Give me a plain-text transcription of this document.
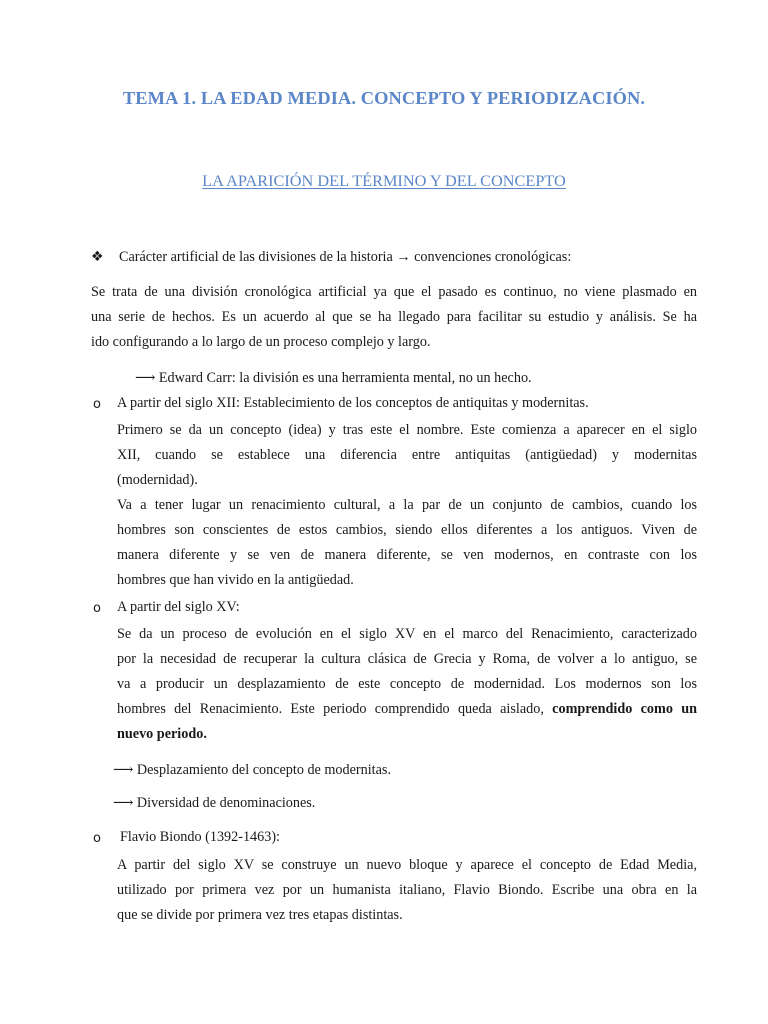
TEMA 1. LA EDAD MEDIA. CONCEPTO Y PERIODIZACIÓN.
LA APARICIÓN DEL TÉRMINO Y DEL CONCEPTO
❖ Carácter artificial de las divisiones de la historia → convenciones cronológicas:
Se trata de una división cronológica artificial ya que el pasado es continuo, no viene plasmado en
una serie de hechos. Es un acuerdo al que se ha llegado para facilitar su estudio y análisis. Se ha
ido configurando a lo largo de un proceso complejo y largo.
⟶ Edward Carr: la división es una herramienta mental, no un hecho.
o A partir del siglo XII: Establecimiento de los conceptos de antiquitas y modernitas.
Primero se da un concepto (idea) y tras este el nombre. Este comienza a aparecer en el siglo
XII, cuando se establece una diferencia entre antiquitas (antigüedad) y modernitas
(modernidad).
Va a tener lugar un renacimiento cultural, a la par de un conjunto de cambios, cuando los
hombres son conscientes de estos cambios, siendo ellos diferentes a los antiguos. Viven de
manera diferente y se ven de manera diferente, se ven modernos, en contraste con los
hombres que han vivido en la antigüedad.
o A partir del siglo XV:
Se da un proceso de evolución en el siglo XV en el marco del Renacimiento, caracterizado
por la necesidad de recuperar la cultura clásica de Grecia y Roma, de volver a lo antiguo, se
va a producir un desplazamiento de este concepto de modernidad. Los modernos son los
hombres del Renacimiento. Este periodo comprendido queda aislado, comprendido como un
nuevo periodo.
⟶ Desplazamiento del concepto de modernitas.
⟶ Diversidad de denominaciones.
o Flavio Biondo (1392-1463):
A partir del siglo XV se construye un nuevo bloque y aparece el concepto de Edad Media,
utilizado por primera vez por un humanista italiano, Flavio Biondo. Escribe una obra en la
que se divide por primera vez tres etapas distintas.
